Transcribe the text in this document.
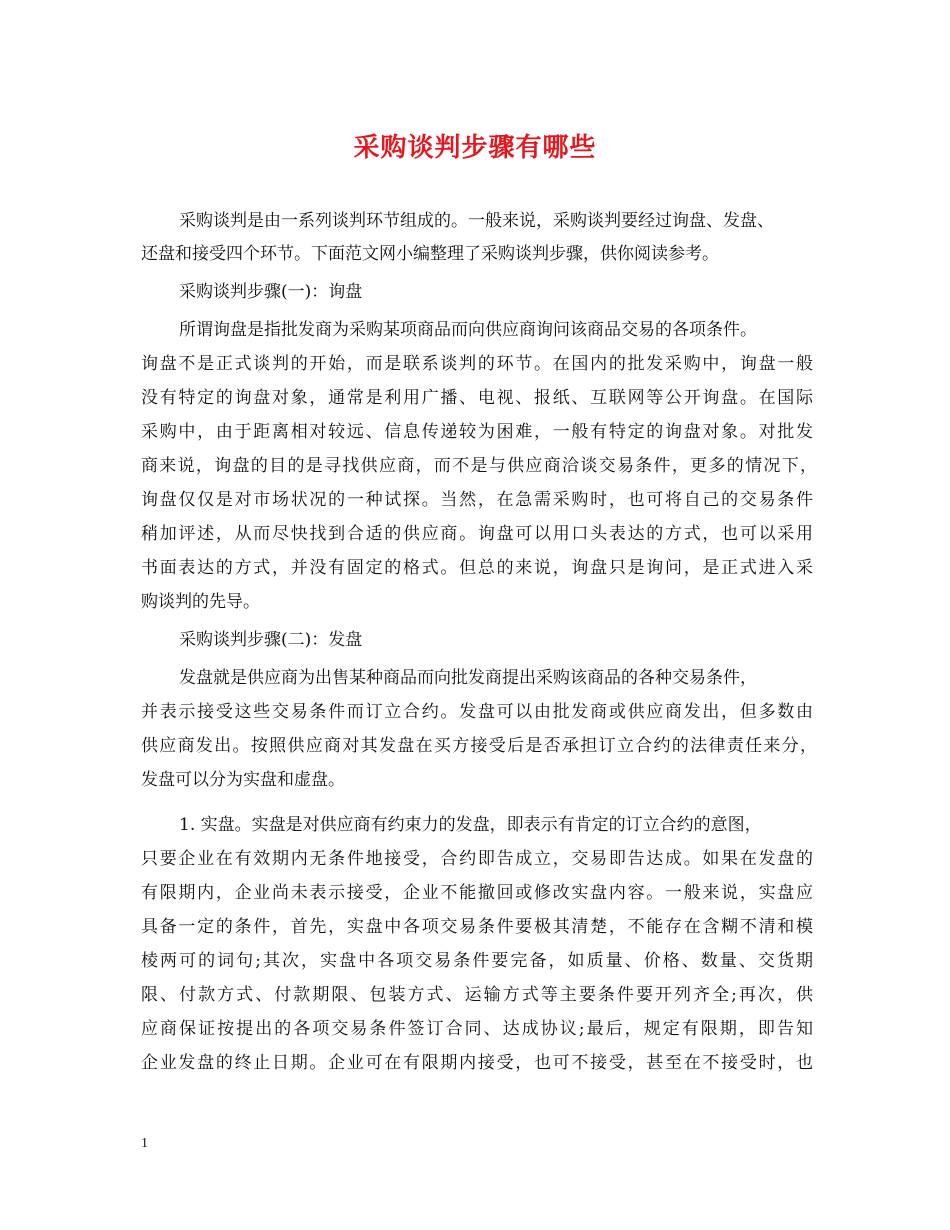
采购谈判步骤有哪些
采购谈判是由一系列谈判环节组成的。一般来说，采购谈判要经过询盘、发盘、
还盘和接受四个环节。下面范文网小编整理了采购谈判步骤，供你阅读参考。
采购谈判步骤(一)：询盘
所谓询盘是指批发商为采购某项商品而向供应商询问该商品交易的各项条件。
询盘不是正式谈判的开始，而是联系谈判的环节。在国内的批发采购中，询盘一般
没有特定的询盘对象，通常是利用广播、电视、报纸、互联网等公开询盘。在国际
采购中，由于距离相对较远、信息传递较为困难，一般有特定的询盘对象。对批发
商来说，询盘的目的是寻找供应商，而不是与供应商洽谈交易条件，更多的情况下，
询盘仅仅是对市场状况的一种试探。当然，在急需采购时，也可将自己的交易条件
稍加评述，从而尽快找到合适的供应商。询盘可以用口头表达的方式，也可以采用
书面表达的方式，并没有固定的格式。但总的来说，询盘只是询问，是正式进入采
购谈判的先导。
采购谈判步骤(二)：发盘
发盘就是供应商为出售某种商品而向批发商提出采购该商品的各种交易条件，
并表示接受这些交易条件而订立合约。发盘可以由批发商或供应商发出，但多数由
供应商发出。按照供应商对其发盘在买方接受后是否承担订立合约的法律责任来分，
发盘可以分为实盘和虚盘。
1. 实盘。实盘是对供应商有约束力的发盘，即表示有肯定的订立合约的意图，
只要企业在有效期内无条件地接受，合约即告成立，交易即告达成。如果在发盘的
有限期内，企业尚未表示接受，企业不能撤回或修改实盘内容。一般来说，实盘应
具备一定的条件，首先，实盘中各项交易条件要极其清楚，不能存在含糊不清和模
棱两可的词句;其次，实盘中各项交易条件要完备，如质量、价格、数量、交货期
限、付款方式、付款期限、包装方式、运输方式等主要条件要开列齐全;再次，供
应商保证按提出的各项交易条件签订合同、达成协议;最后，规定有限期，即告知
企业发盘的终止日期。企业可在有限期内接受，也可不接受，甚至在不接受时，也
1
